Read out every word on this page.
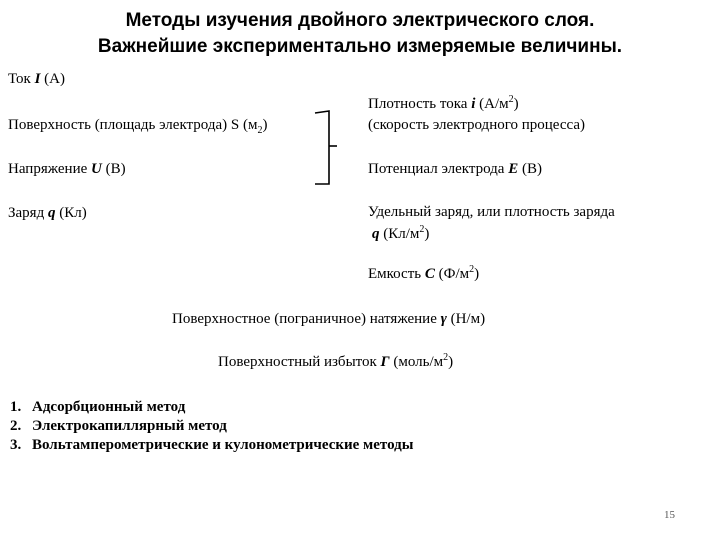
Методы изучения двойного электрического слоя.
Важнейшие экспериментально измеряемые величины.
Ток I (А)
Поверхность (площадь электрода) S $(м_2)$
Напряжение U (В)
Заряд q (Кл)
Плотность тока i $(А/м^2)$
(скорость электродного процесса)
Потенциал электрода E (В)
Удельный заряд, или плотность заряда
q $(Кл/м^2)$
Емкость C $(Ф/м^2)$
Поверхностное (пограничное) натяжение γ (Н/м)
Поверхностный избыток Г $(моль/м^2)$
1. Адсорбционный метод
2. Электрокапиллярный метод
3. Вольтамперометрические и кулонометрические методы
15
